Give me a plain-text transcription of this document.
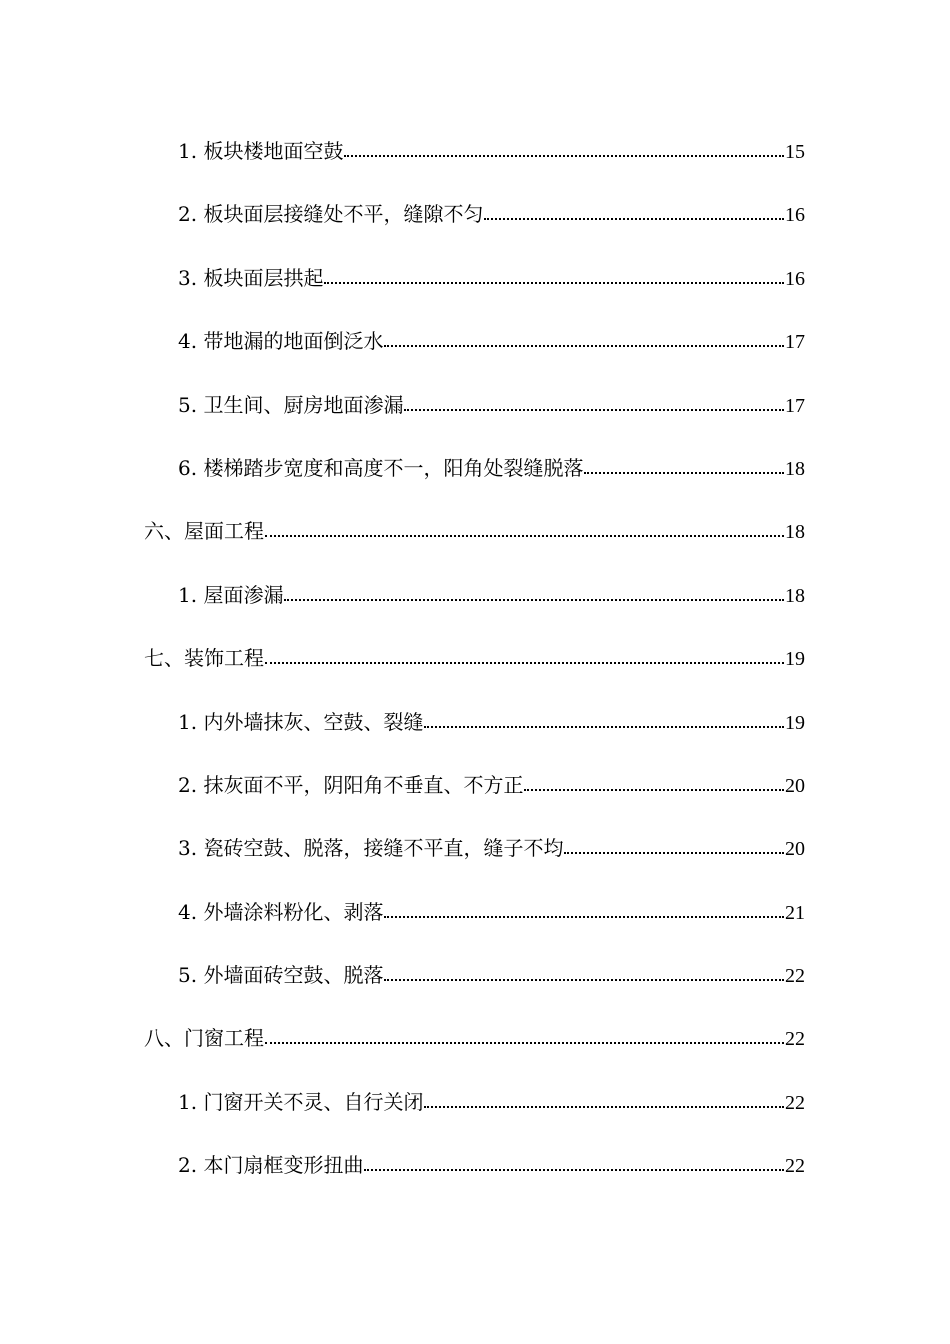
1. 板块楼地面空鼓	15
2. 板块面层接缝处不平，缝隙不匀	16
3. 板块面层拱起	16
4. 带地漏的地面倒泛水	17
5. 卫生间、厨房地面渗漏	17
6. 楼梯踏步宽度和高度不一，阳角处裂缝脱落	18
六、屋面工程	18
1. 屋面渗漏	18
七、装饰工程	19
1. 内外墙抹灰、空鼓、裂缝	19
2. 抹灰面不平，阴阳角不垂直、不方正	20
3. 瓷砖空鼓、脱落，接缝不平直，缝子不均	20
4. 外墙涂料粉化、剥落	21
5. 外墙面砖空鼓、脱落	22
八、门窗工程	22
1. 门窗开关不灵、自行关闭	22
2. 本门扇框变形扭曲	22
